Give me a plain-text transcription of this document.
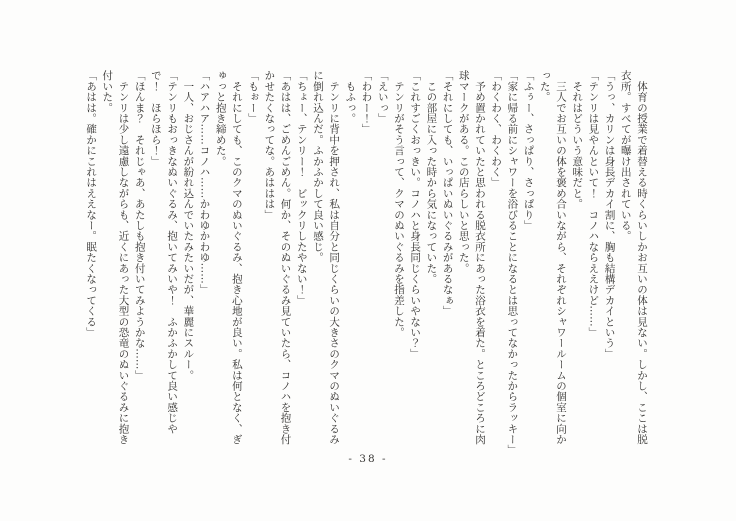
　体育の授業で着替える時くらいしかお互いの体は見ない。しかし、ここは脱

衣所。すべてが曝け出されている。

「うっ、カリンは身長デカイ割に、胸も結構デカイという」

「テンリは見やんといて！　コノハならええけど……」

　それはどういう意味だと。

　三人でお互いの体を褒め合いながら、それぞれシャワールームの個室に向か

った。

「ふぅー、さっぱり、さっぱり」

「家に帰る前にシャワーを浴びることになるとは思ってなかったからラッキー」

「わくわく、わくわく」

　予め置かれていたと思われる脱衣所にあった浴衣を着た。ところどころに肉

球マークがある。この店らしいと思った。

「それにしても、いっぱいぬいぐるみがあるなぁ」

　この部屋に入った時から気になっていた。

「これすごくおっきい。コノハと身長同じくらいやない？」

　テンリがそう言って、クマのぬいぐるみを指差した。

「えいっ」

「わわー！」

　もふっ。

　テンリに背中を押され、私は自分と同じくらいの大きさのクマのぬいぐるみ

に倒れ込んだ。ふかふかして良い感じ。

「ちょー、テンリー！　ビックリしたやない！」

「あはは、ごめんごめん。何か、そのぬいぐるみ見ていたら、コノハを抱き付

かせたくなってな。あははは」

「もぉー」

　それにしても、このクマのぬいぐるみ、抱き心地が良い。私は何となく、ぎ

ゅっと抱き締めた。

「ハアハア……コノハ……かわゆかわゆ……」

　一人、おじさんが紛れ込んでいたみたいだが、華麗にスルー。

「テンリもおっきなぬいぐるみ、抱いてみいや！　ふかふかして良い感じや

で！　ほらほら！」

「ほんま？　それじゃあ、あたしも抱き付いてみようかな……」

　テンリは少し遠慮しながらも、近くにあった大型の恐竜のぬいぐるみに抱き

付いた。

「あはは。確かにこれはええなー。眠たくなってくる」

- 38 -
